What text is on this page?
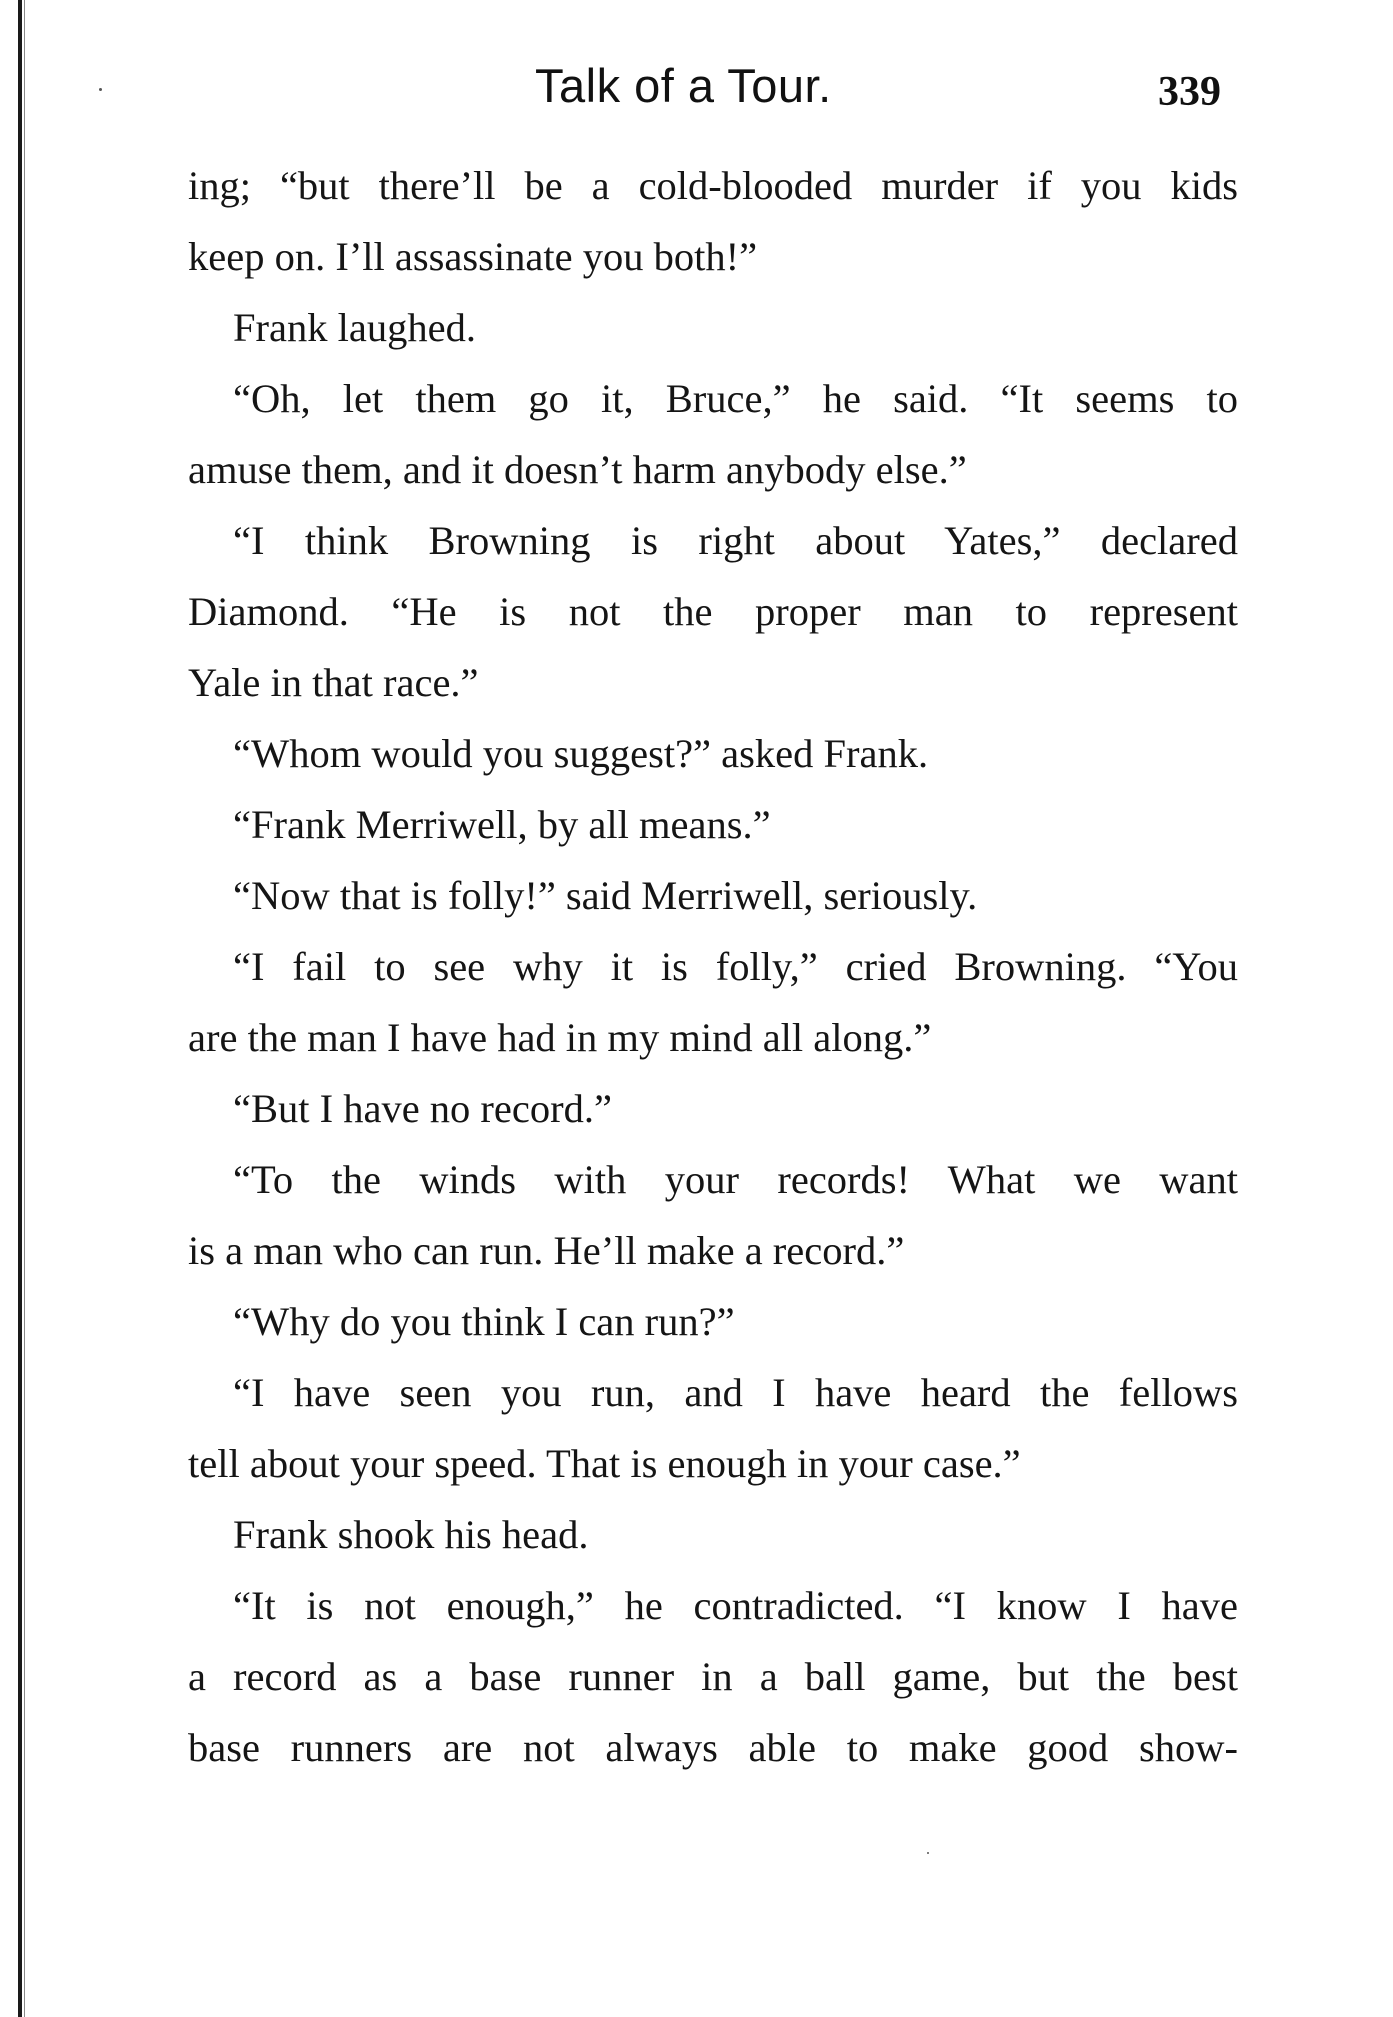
Talk of a Tour.	339
ing; “but there’ll be a cold-blooded murder if you kids
keep on. I’ll assassinate you both!”
Frank laughed.
“Oh, let them go it, Bruce,” he said. “It seems to
amuse them, and it doesn’t harm anybody else.”
“I think Browning is right about Yates,” declared
Diamond. “He is not the proper man to represent
Yale in that race.”
“Whom would you suggest?” asked Frank.
“Frank Merriwell, by all means.”
“Now that is folly!” said Merriwell, seriously.
“I fail to see why it is folly,” cried Browning. “You
are the man I have had in my mind all along.”
“But I have no record.”
“To the winds with your records! What we want
is a man who can run. He’ll make a record.”
“Why do you think I can run?”
“I have seen you run, and I have heard the fellows
tell about your speed. That is enough in your case.”
Frank shook his head.
“It is not enough,” he contradicted. “I know I have
a record as a base runner in a ball game, but the best
base runners are not always able to make good show-
